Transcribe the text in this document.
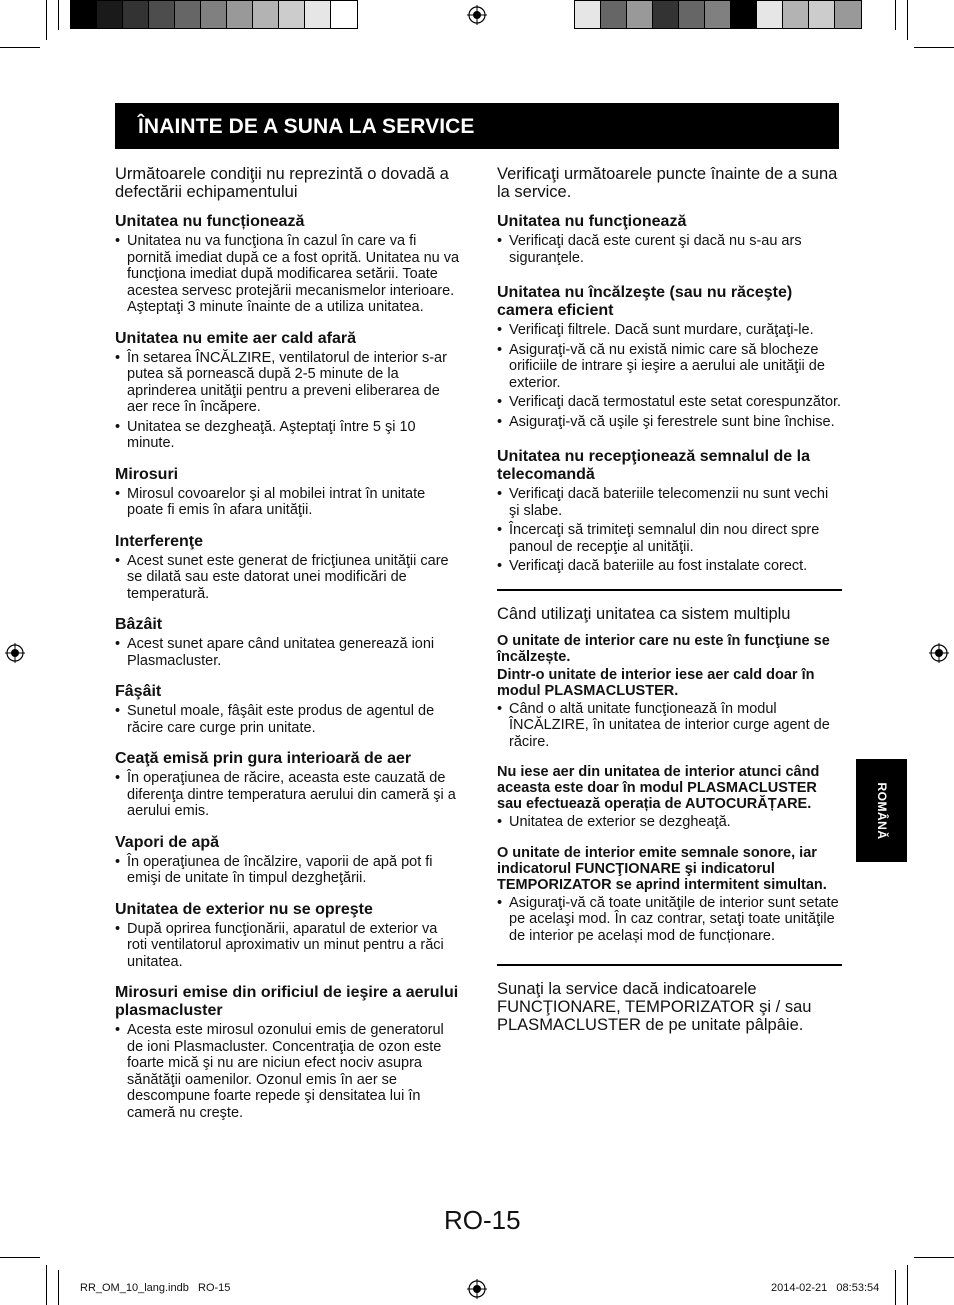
ÎNAINTE DE A SUNA LA SERVICE
Următoarele condiţii nu reprezintă o dovadă a defectării echipamentului
Unitatea nu funcționează
• Unitatea nu va funcţiona în cazul în care va fi pornită imediat după ce a fost oprită. Unitatea nu va funcţiona imediat după modificarea setării. Toate acestea servesc protejării mecanismelor interioare. Aşteptaţi 3 minute înainte de a utiliza unitatea.
Unitatea nu emite aer cald afară
• În setarea ÎNCĂLZIRE, ventilatorul de interior s-ar putea să pornească după 2-5 minute de la aprinderea unităţii pentru a preveni eliberarea de aer rece în încăpere.
• Unitatea se dezgheaţă. Aşteptaţi între 5 şi 10 minute.
Mirosuri
• Mirosul covoarelor şi al mobilei intrat în unitate poate fi emis în afara unităţii.
Interferenţe
• Acest sunet este generat de fricţiunea unităţii care se dilată sau este datorat unei modificări de temperatură.
Bâzâit
• Acest sunet apare când unitatea generează ioni Plasmacluster.
Fâşâit
• Sunetul moale, fâşâit este produs de agentul de răcire care curge prin unitate.
Ceaţă emisă prin gura interioară de aer
• În operaţiunea de răcire, aceasta este cauzată de diferenţa dintre temperatura aerului din cameră şi a aerului emis.
Vapori de apă
• În operaţiunea de încălzire, vaporii de apă pot fi emişi de unitate în timpul dezgheţării.
Unitatea de exterior nu se opreşte
• După oprirea funcţionării, aparatul de exterior va roti ventilatorul aproximativ un minut pentru a răci unitatea.
Mirosuri emise din orificiul de ieşire a aerului plasmacluster
• Acesta este mirosul ozonului emis de generatorul de ioni Plasmacluster. Concentraţia de ozon este foarte mică şi nu are niciun efect nociv asupra sănătăţii oamenilor. Ozonul emis în aer se descompune foarte repede şi densitatea lui în cameră nu creşte.
Verificaţi următoarele puncte înainte de a suna la service.
Unitatea nu funcţionează
• Verificaţi dacă este curent şi dacă nu s-au ars siguranţele.
Unitatea nu încălzeşte (sau nu răceşte) camera eficient
• Verificaţi filtrele. Dacă sunt murdare, curăţaţi-le.
• Asiguraţi-vă că nu există nimic care să blocheze orificiile de intrare şi ieşire a aerului ale unităţii de exterior.
• Verificaţi dacă termostatul este setat corespunzător.
• Asiguraţi-vă că uşile şi ferestrele sunt bine închise.
Unitatea nu recepţionează semnalul de la telecomandă
• Verificaţi dacă bateriile telecomenzii nu sunt vechi şi slabe.
• Încercaţi să trimiteţi semnalul din nou direct spre panoul de recepţie al unităţii.
• Verificaţi dacă bateriile au fost instalate corect.
Când utilizaţi unitatea ca sistem multiplu
O unitate de interior care nu este în funcţiune se încălzește.
Dintr-o unitate de interior iese aer cald doar în modul PLASMACLUSTER.
• Când o altă unitate funcţionează în modul ÎNCĂLZIRE, în unitatea de interior curge agent de răcire.
Nu iese aer din unitatea de interior atunci când aceasta este doar în modul PLASMACLUSTER sau efectuează operația de AUTOCURĂȚARE.
• Unitatea de exterior se dezgheaţă.
O unitate de interior emite semnale sonore, iar indicatorul FUNCŢIONARE şi indicatorul TEMPORIZATOR se aprind intermitent simultan.
• Asiguraţi-vă că toate unităţile de interior sunt setate pe acelaşi mod. În caz contrar, setaţi toate unităţile de interior pe același mod de funcționare.
Sunaţi la service dacă indicatoarele FUNCŢIONARE, TEMPORIZATOR şi / sau PLASMACLUSTER de pe unitate pâlpâie.
ROMÂNĂ
RO-15
RR_OM_10_lang.indb   RO-15	2014-02-21   08:53:54
